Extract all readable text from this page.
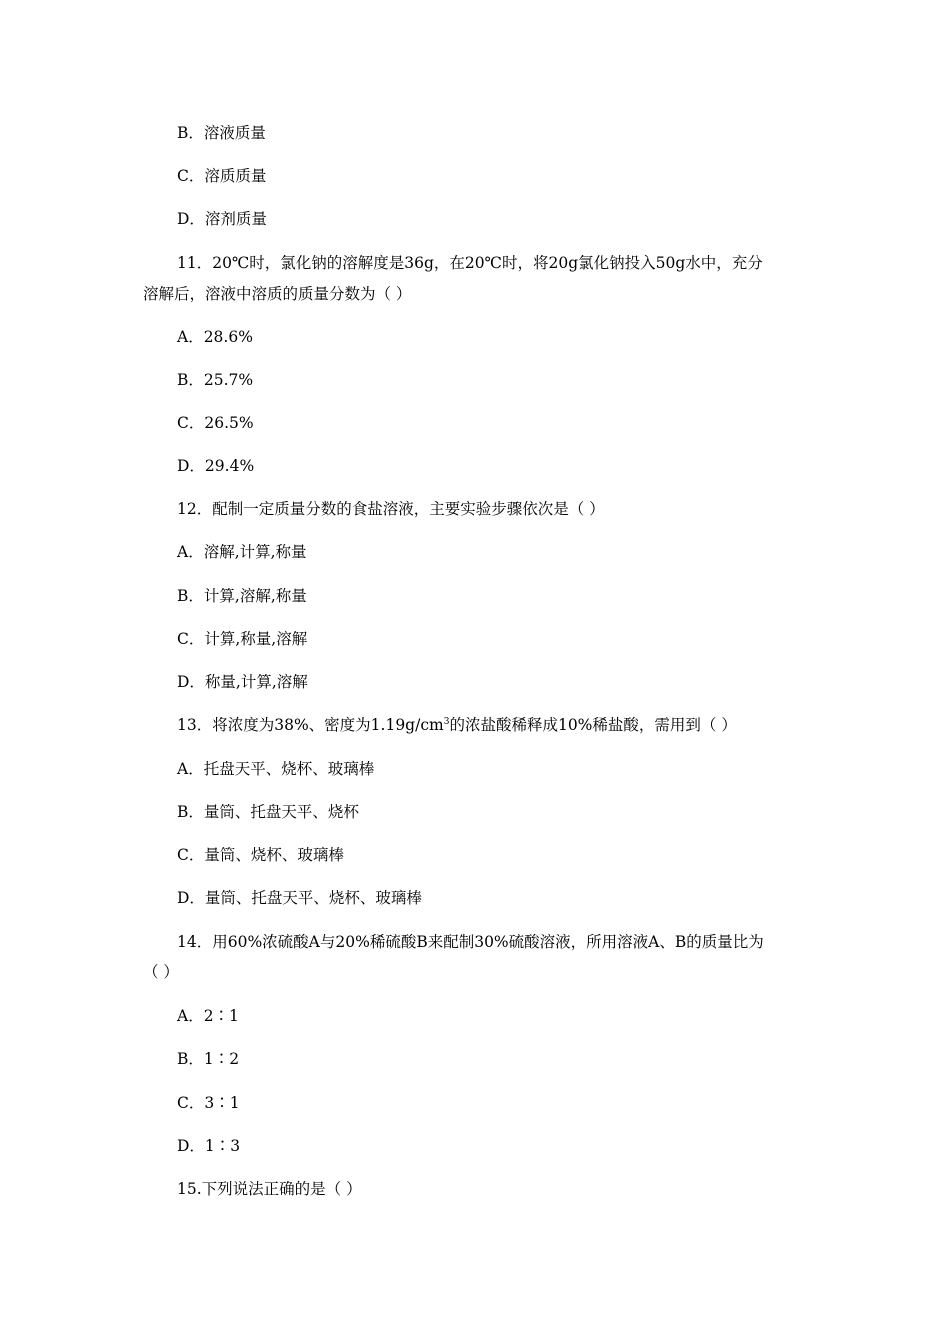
B．溶液质量
C．溶质质量
D．溶剂质量
11．20℃时，氯化钠的溶解度是36g，在20℃时，将20g氯化钠投入50g水中，充分
溶解后，溶液中溶质的质量分数为（ ）
A．28.6%
B．25.7%
C．26.5%
D．29.4%
12．配制一定质量分数的食盐溶液，主要实验步骤依次是（ ）
A．溶解,计算,称量
B．计算,溶解,称量
C．计算,称量,溶解
D．称量,计算,溶解
13．将浓度为38%、密度为$1.19g/cm^3$的浓盐酸稀释成10%稀盐酸，需用到（ ）
A．托盘天平、烧杯、玻璃棒
B．量筒、托盘天平、烧杯
C．量筒、烧杯、玻璃棒
D．量筒、托盘天平、烧杯、玻璃棒
14．用60%浓硫酸A与20%稀硫酸B来配制30%硫酸溶液，所用溶液A、B的质量比为
（ ）
A．2∶1
B．1∶2
C．3∶1
D．1∶3
15.下列说法正确的是（ ）
